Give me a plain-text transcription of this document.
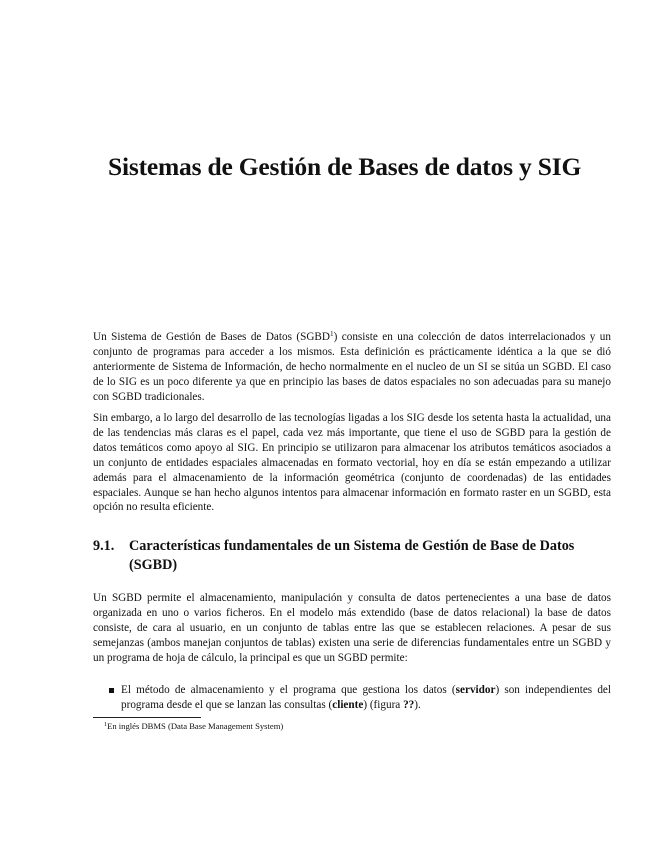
Sistemas de Gestión de Bases de datos y SIG

Un Sistema de Gestión de Bases de Datos (SGBD$^1$) consiste en una colección de datos interrelacionados y un conjunto de programas para acceder a los mismos. Esta definición es prácticamente idéntica a la que se dió anteriormente de Sistema de Información, de hecho normalmente en el nucleo de un SI se sitúa un SGBD. El caso de lo SIG es un poco diferente ya que en principio las bases de datos espaciales no son adecuadas para su manejo con SGBD tradicionales.

Sin embargo, a lo largo del desarrollo de las tecnologías ligadas a los SIG desde los setenta hasta la actualidad, una de las tendencias más claras es el papel, cada vez más importante, que tiene el uso de SGBD para la gestión de datos temáticos como apoyo al SIG. En principio se utilizaron para almacenar los atributos temáticos asociados a un conjunto de entidades espaciales almacenadas en formato vectorial, hoy en día se están empezando a utilizar además para el almacenamiento de la información geométrica (conjunto de coordenadas) de las entidades espaciales. Aunque se han hecho algunos intentos para almacenar información en formato raster en un SGBD, esta opción no resulta eficiente.

9.1.	Características fundamentales de un Sistema de Gestión de Base de Datos (SGBD)

Un SGBD permite el almacenamiento, manipulación y consulta de datos pertenecientes a una base de datos organizada en uno o varios ficheros. En el modelo más extendido (base de datos relacional) la base de datos consiste, de cara al usuario, en un conjunto de tablas entre las que se establecen relaciones. A pesar de sus semejanzas (ambos manejan conjuntos de tablas) existen una serie de diferencias fundamentales entre un SGBD y un programa de hoja de cálculo, la principal es que un SGBD permite:

El método de almacenamiento y el programa que gestiona los datos (servidor) son independientes del programa desde el que se lanzan las consultas (cliente) (figura ??).

$^1$En inglés DBMS (Data Base Management System)
